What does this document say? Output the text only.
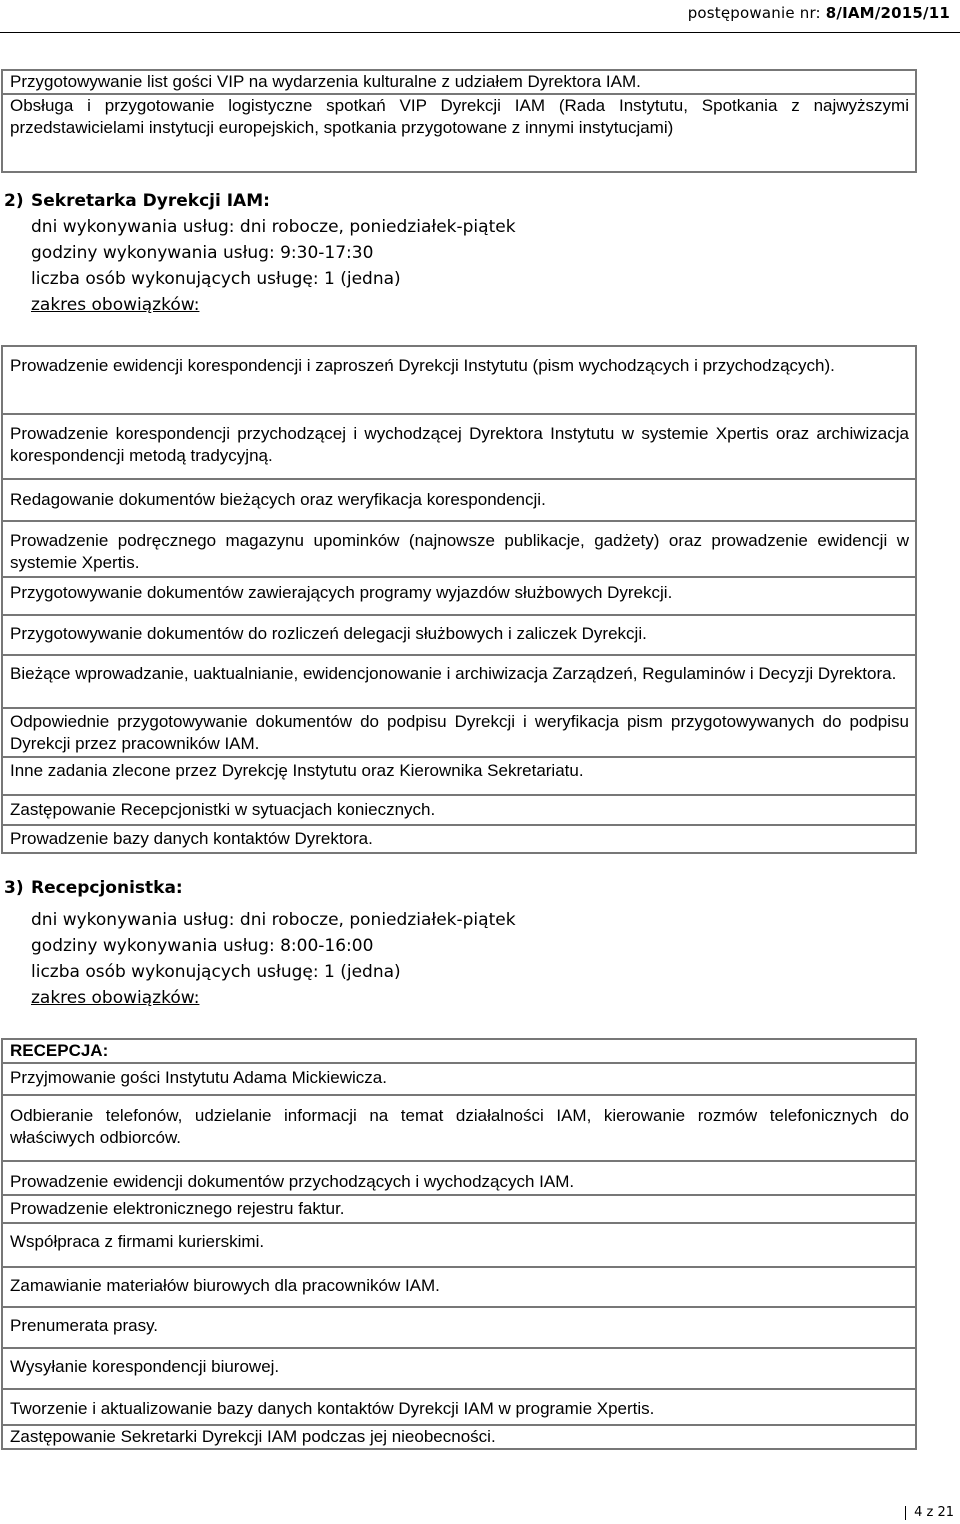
postępowanie nr: 8/IAM/2015/11
Przygotowywanie list gości VIP na wydarzenia kulturalne z udziałem Dyrektora IAM.
Obsługa i przygotowanie logistyczne spotkań VIP Dyrekcji IAM (Rada Instytutu, Spotkania z najwyższymi przedstawicielami instytucji europejskich, spotkania przygotowane z innymi instytucjami)
2) Sekretarka Dyrekcji IAM:
dni wykonywania usług: dni robocze, poniedziałek-piątek
godziny wykonywania usług: 9:30-17:30
liczba osób wykonujących usługę: 1 (jedna)
zakres obowiązków:
Prowadzenie ewidencji korespondencji i zaproszeń Dyrekcji Instytutu (pism wychodzących i przychodzących).
Prowadzenie korespondencji przychodzącej i wychodzącej Dyrektora Instytutu w systemie Xpertis oraz archiwizacja korespondencji metodą tradycyjną.
Redagowanie dokumentów bieżących oraz weryfikacja korespondencji.
Prowadzenie podręcznego magazynu upominków (najnowsze publikacje, gadżety) oraz prowadzenie ewidencji w systemie Xpertis.
Przygotowywanie dokumentów zawierających programy wyjazdów służbowych Dyrekcji.
Przygotowywanie dokumentów do rozliczeń delegacji służbowych i zaliczek Dyrekcji.
Bieżące wprowadzanie, uaktualnianie, ewidencjonowanie i archiwizacja Zarządzeń, Regulaminów i Decyzji Dyrektora.
Odpowiednie przygotowywanie dokumentów do podpisu Dyrekcji i weryfikacja pism przygotowywanych do podpisu Dyrekcji przez pracowników IAM.
Inne zadania zlecone przez Dyrekcję Instytutu oraz Kierownika Sekretariatu.
Zastępowanie Recepcjonistki w sytuacjach koniecznych.
Prowadzenie bazy danych kontaktów Dyrektora.
3) Recepcjonistka:
dni wykonywania usług: dni robocze, poniedziałek-piątek
godziny wykonywania usług: 8:00-16:00
liczba osób wykonujących usługę: 1 (jedna)
zakres obowiązków:
RECEPCJA:
Przyjmowanie gości Instytutu Adama Mickiewicza.
Odbieranie telefonów, udzielanie informacji na temat działalności IAM, kierowanie rozmów telefonicznych do właściwych odbiorców.
Prowadzenie ewidencji dokumentów przychodzących i wychodzących IAM.
Prowadzenie elektronicznego rejestru faktur.
Współpraca z firmami kurierskimi.
Zamawianie materiałów biurowych dla pracowników IAM.
Prenumerata prasy.
Wysyłanie korespondencji biurowej.
Tworzenie i aktualizowanie bazy danych kontaktów Dyrekcji IAM w programie Xpertis.
Zastępowanie Sekretarki Dyrekcji IAM podczas jej nieobecności.
4 z 21
